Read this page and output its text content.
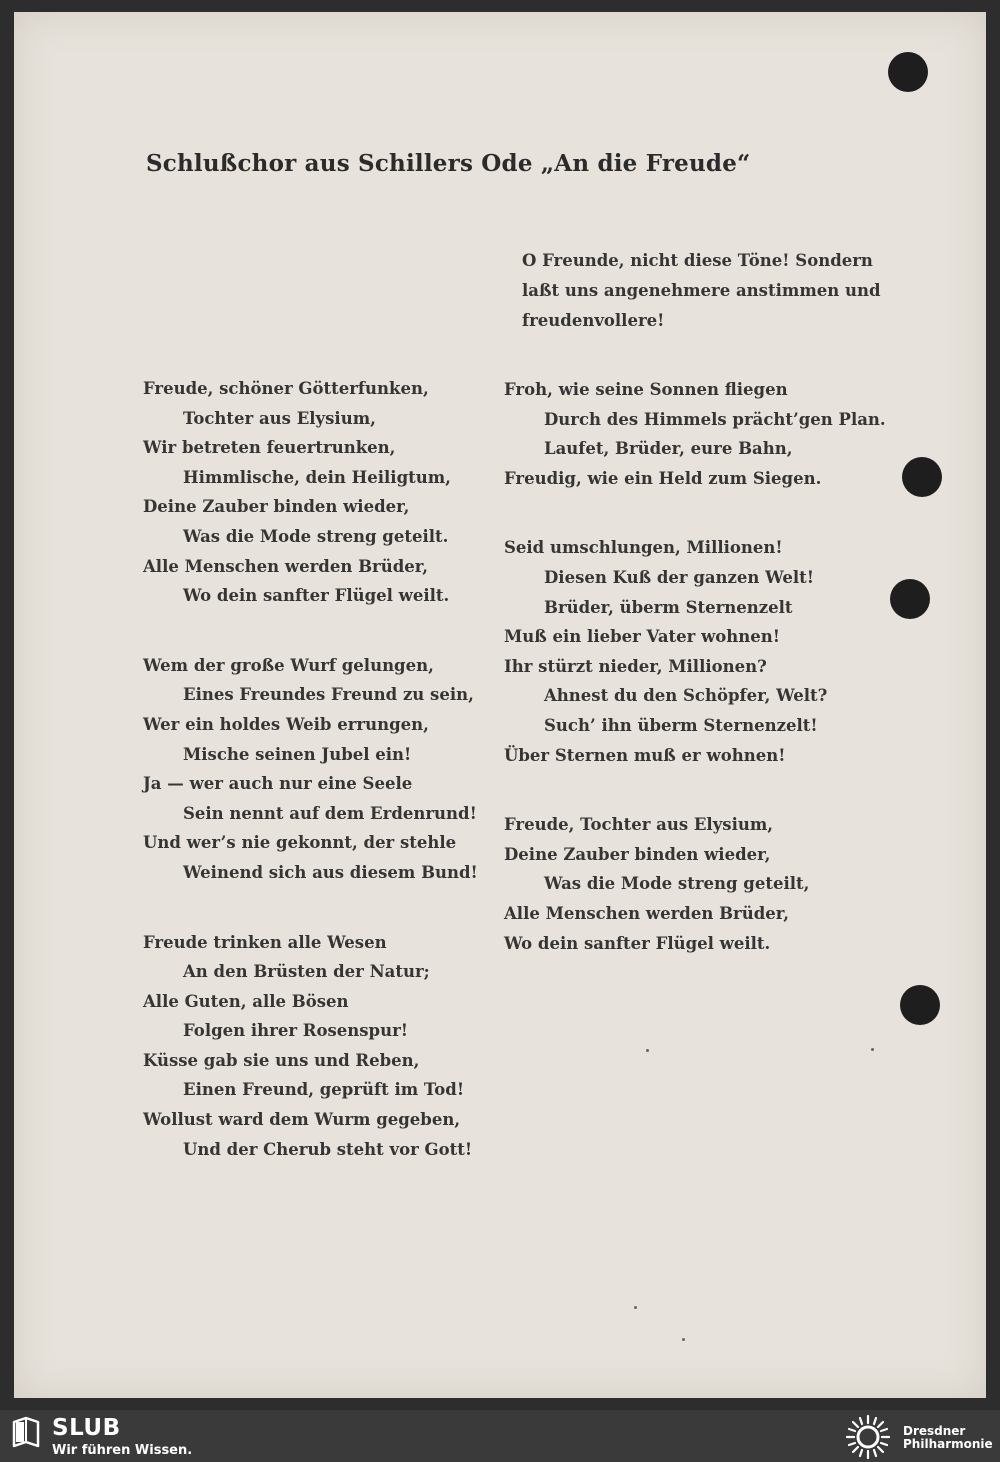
Schlußchor aus Schillers Ode „An die Freude“
O Freunde, nicht diese Töne! Sondern
laßt uns angenehmere anstimmen und
freudenvollere!
Freude, schöner Götterfunken,
Tochter aus Elysium,
Wir betreten feuertrunken,
Himmlische, dein Heiligtum,
Deine Zauber binden wieder,
Was die Mode streng geteilt.
Alle Menschen werden Brüder,
Wo dein sanfter Flügel weilt.
Wem der große Wurf gelungen,
Eines Freundes Freund zu sein,
Wer ein holdes Weib errungen,
Mische seinen Jubel ein!
Ja — wer auch nur eine Seele
Sein nennt auf dem Erdenrund!
Und wer’s nie gekonnt, der stehle
Weinend sich aus diesem Bund!
Freude trinken alle Wesen
An den Brüsten der Natur;
Alle Guten, alle Bösen
Folgen ihrer Rosenspur!
Küsse gab sie uns und Reben,
Einen Freund, geprüft im Tod!
Wollust ward dem Wurm gegeben,
Und der Cherub steht vor Gott!
Froh, wie seine Sonnen fliegen
Durch des Himmels prächt’gen Plan.
Laufet, Brüder, eure Bahn,
Freudig, wie ein Held zum Siegen.
Seid umschlungen, Millionen!
Diesen Kuß der ganzen Welt!
Brüder, überm Sternenzelt
Muß ein lieber Vater wohnen!
Ihr stürzt nieder, Millionen?
Ahnest du den Schöpfer, Welt?
Such’ ihn überm Sternenzelt!
Über Sternen muß er wohnen!
Freude, Tochter aus Elysium,
Deine Zauber binden wieder,
Was die Mode streng geteilt,
Alle Menschen werden Brüder,
Wo dein sanfter Flügel weilt.
SLUB
Wir führen Wissen.
Dresdner
Philharmonie
